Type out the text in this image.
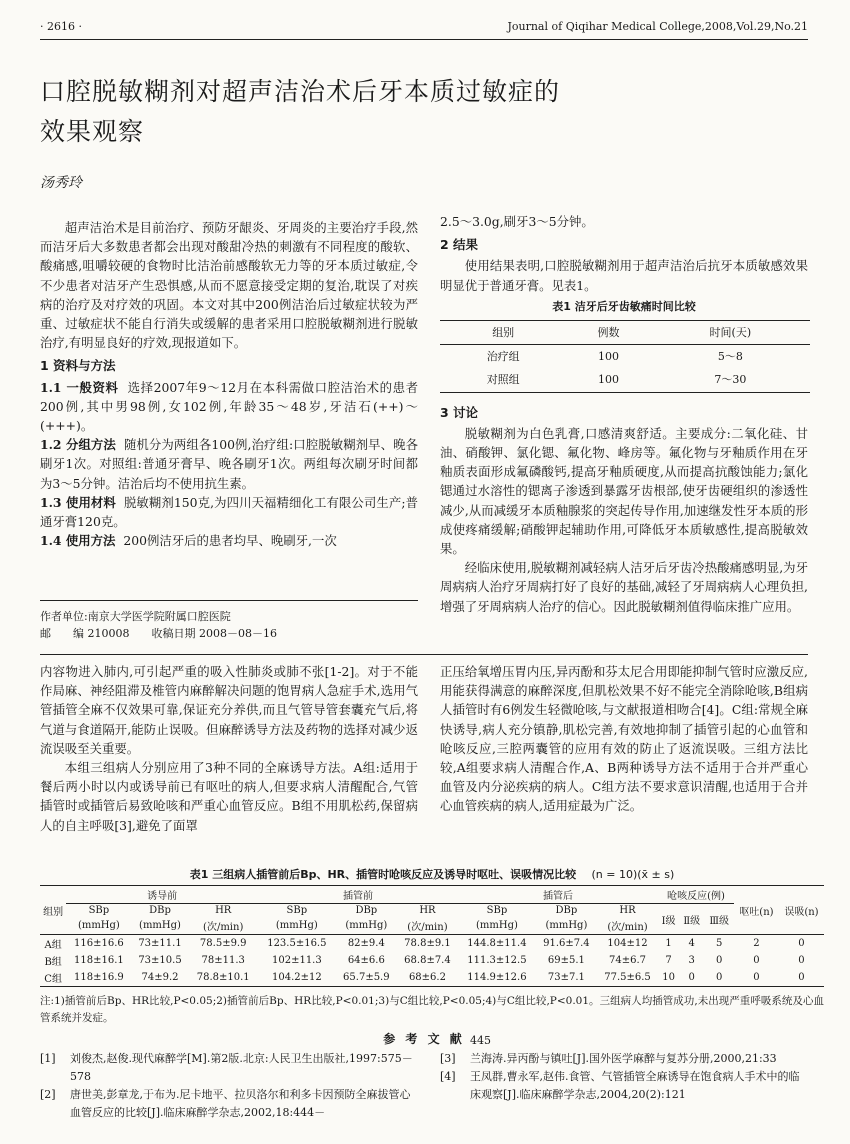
· 2616 ·	Journal of Qiqihar Medical College,2008,Vol.29,No.21
口腔脱敏糊剂对超声洁治术后牙本质过敏症的
效果观察
汤秀玲

超声洁治术是目前治疗、预防牙龈炎、牙周炎的主要治疗手段,然而洁牙后大多数患者都会出现对酸甜冷热的刺激有不同程度的酸软、酸痛感,咀嚼较硬的食物时比洁治前感酸软无力等的牙本质过敏症,令不少患者对洁牙产生恐惧感,从而不愿意接受定期的复治,耽误了对疾病的治疗及对疗效的巩固。本文对其中200例洁治后过敏症状较为严重、过敏症状不能自行消失或缓解的患者采用口腔脱敏糊剂进行脱敏治疗,有明显良好的疗效,现报道如下。

1 资料与方法

1.1 一般资料 选择2007年9～12月在本科需做口腔洁治术的患者200例,其中男98例,女102例,年龄35～48岁,牙洁石(++)～(+++)。

1.2 分组方法 随机分为两组各100例,治疗组:口腔脱敏糊剂早、晚各刷牙1次。对照组:普通牙膏早、晚各刷牙1次。两组每次刷牙时间都为3～5分钟。洁治后均不使用抗生素。

1.3 使用材料 脱敏糊剂150克,为四川天福精细化工有限公司生产;普通牙膏120克。

1.4 使用方法 200例洁牙后的患者均早、晚刷牙,一次

作者单位:南京大学医学院附属口腔医院
邮　　编 210008　　收稿日期 2008－08－16

2.5～3.0g,刷牙3～5分钟。

2 结果

使用结果表明,口腔脱敏糊剂用于超声洁治后抗牙本质敏感效果明显优于普通牙膏。见表1。

表1 洁牙后牙齿敏痛时间比较
组别	例数	时间(天)
治疗组	100	5～8
对照组	100	7～30
3 讨论

脱敏糊剂为白色乳膏,口感清爽舒适。主要成分:二氧化硅、甘油、硝酸钾、氯化锶、氟化物、峰房等。氟化物与牙釉质作用在牙釉质表面形成氟磷酸钙,提高牙釉质硬度,从而提高抗酸蚀能力;氯化锶通过水溶性的锶离子渗透到暴露牙齿根部,使牙齿硬组织的渗透性减少,从而减缓牙本质釉腺浆的突起传导作用,加速继发性牙本质的形成使疼痛缓解;硝酸钾起辅助作用,可降低牙本质敏感性,提高脱敏效果。

经临床使用,脱敏糊剂减轻病人洁牙后牙齿冷热酸痛感明显,为牙周病病人治疗牙周病打好了良好的基础,减轻了牙周病病人心理负担,增强了牙周病病人治疗的信心。因此脱敏糊剂值得临床推广应用。

内容物进入肺内,可引起严重的吸入性肺炎或肺不张[1-2]。对于不能作局麻、神经阻滞及椎管内麻醉解决问题的饱胃病人急症手术,选用气管插管全麻不仅效果可靠,保证充分养供,而且气管导管套囊充气后,将气道与食道隔开,能防止误吸。但麻醉诱导方法及药物的选择对减少返流误吸至关重要。

本组三组病人分别应用了3种不同的全麻诱导方法。A组:适用于餐后两小时以内或诱导前已有呕吐的病人,但要求病人清醒配合,气管插管时或插管后易致呛咳和严重心血管反应。B组不用肌松药,保留病人的自主呼吸[3],避免了面罩

正压给氧增压胃内压,异丙酚和芬太尼合用即能抑制气管时应激反应,用能获得满意的麻醉深度,但肌松效果不好不能完全消除呛咳,B组病人插管时有6例发生轻微呛咳,与文献报道相吻合[4]。C组:常规全麻快诱导,病人充分镇静,肌松完善,有效地抑制了插管引起的心血管和呛咳反应,三腔两囊管的应用有效的防止了返流误吸。三组方法比较,A组要求病人清醒合作,A、B两种诱导方法不适用于合并严重心血管及内分泌疾病的病人。C组方法不要求意识清醒,也适用于合并心血管疾病的病人,适用症最为广泛。

表1 三组病人插管前后Bp、HR、插管时呛咳反应及诱导时呕吐、误吸情况比较 (n = 10)(x̄ ± s)
组别	诱导前			插管前			插管后			呛咳反应(例)			呕吐(n)	误吸(n)
	SBp	DBp	HR	SBp	DBp	HR	SBp	DBp	HR	Ⅰ级	Ⅱ级	Ⅲ级		
	(mmHg)	(mmHg)	(次/min)	(mmHg)	(mmHg)	(次/min)	(mmHg)	(mmHg)	(次/min)					
A组	116±16.6	73±11.1	78.5±9.9	123.5±16.5	82±9.4	78.8±9.1	144.8±11.4	91.6±7.4	104±12	1	4	5	2	0
B组	118±16.1	73±10.5	78±11.3	102±11.3	64±6.6	68.8±7.4	111.3±12.5	69±5.1	74±6.7	7	3	0	0	0
C组	118±16.9	74±9.2	78.8±10.1	104.2±12	65.7±5.9	68±6.2	114.9±12.6	73±7.1	77.5±6.5	10	0	0	0	0
注:1)插管前后Bp、HR比较,P<0.05;2)插管前后Bp、HR比较,P<0.01;3)与C组比较,P<0.05;4)与C组比较,P<0.01。三组病人均插管成功,未出现严重呼吸系统及心血管系统并发症。
参 考 文 献
[1] 刘俊杰,赵俊.现代麻醉学[M].第2版.北京:人民卫生出版社,1997:575－578
[2] 唐世美,彭章龙,于布为.尼卡地平、拉贝洛尔和利多卡因预防全麻拔管心血管反应的比较[J].临床麻醉学杂志,2002,18:444－
445
[3] 兰海涛.异丙酚与镇吐[J].国外医学麻醉与复苏分册,2000,21:33
[4] 王凤群,曹永军,赵伟.食管、气管插管全麻诱导在饱食病人手术中的临床观察[J].临床麻醉学杂志,2004,20(2):121
